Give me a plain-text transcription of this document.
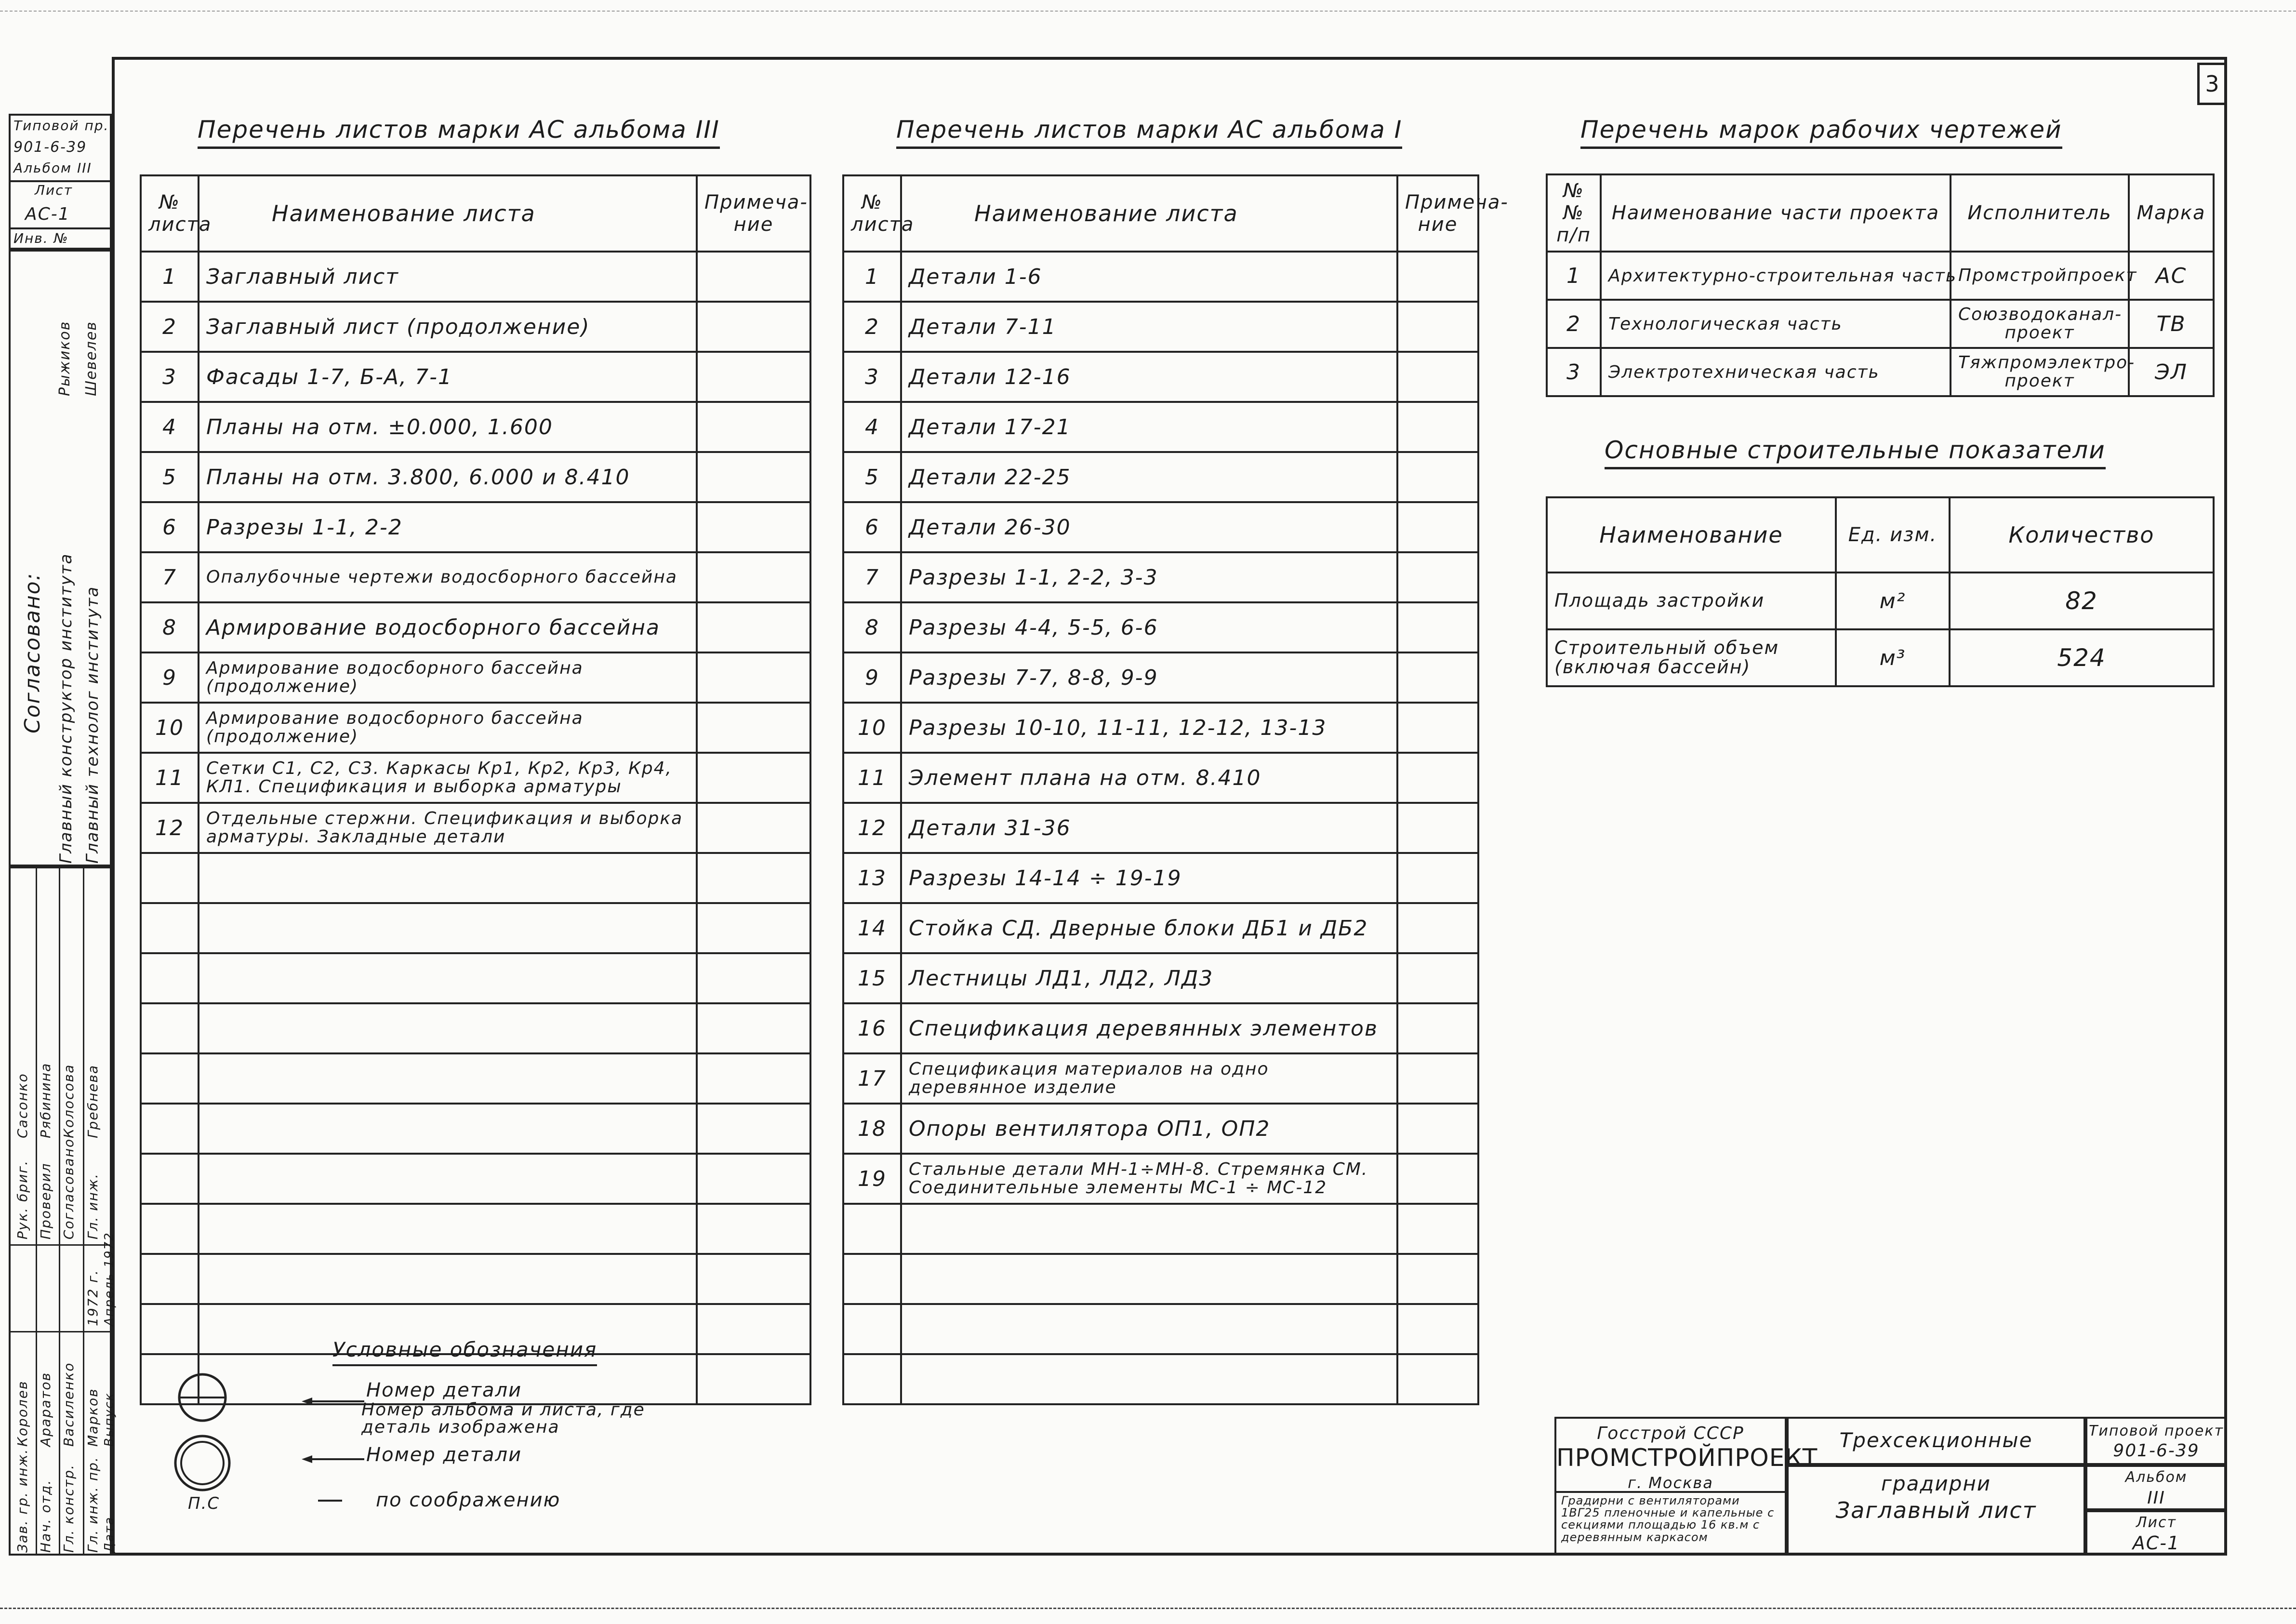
3
Типовой пр.
901-6-39
Альбом III
Лист
АС-1
Инв. №
Согласовано: Главный конструктор института Главный технолог института
Рыжиков Шевелев
Зав. гр. инж.
Королев
Нач. отд.
Араратов
Гл. констр.
Василенко
Гл. инж. пр.
Марков
Дата
Выпуск
Рук. бриг.
Сасонко
Проверил
Рябинина
Согласовано
Колосова
Гл. инж.
Гребнева
1972 г. Апрель 1972
Перечень листов марки АС альбома III
№ листа	Наименование листа	Примеча-ние
1	Заглавный лист	
2	Заглавный лист (продолжение)	
3	Фасады 1-7, Б-А, 7-1	
4	Планы на отм. ±0.000, 1.600	
5	Планы на отм. 3.800, 6.000 и 8.410	
6	Разрезы 1-1, 2-2	
7	Опалубочные чертежи водосборного бассейна	
8	Армирование водосборного бассейна	
9	Армирование водосборного бассейна (продолжение)	
10	Армирование водосборного бассейна (продолжение)	
11	Сетки С1, С2, С3. Каркасы Кр1, Кр2, Кр3, Кр4, КЛ1. Спецификация и выборка арматуры	
12	Отдельные стержни. Спецификация и выборка арматуры. Закладные детали	

Перечень листов марки АС альбома I
№ листа	Наименование листа	Примеча-ние
1	Детали 1-6	
2	Детали 7-11	
3	Детали 12-16	
4	Детали 17-21	
5	Детали 22-25	
6	Детали 26-30	
7	Разрезы 1-1, 2-2, 3-3	
8	Разрезы 4-4, 5-5, 6-6	
9	Разрезы 7-7, 8-8, 9-9	
10	Разрезы 10-10, 11-11, 12-12, 13-13	
11	Элемент плана на отм. 8.410	
12	Детали 31-36	
13	Разрезы 14-14 ÷ 19-19	
14	Стойка СД. Дверные блоки ДБ1 и ДБ2	
15	Лестницы ЛД1, ЛД2, ЛД3	
16	Спецификация деревянных элементов	
17	Спецификация материалов на одно деревянное изделие	
18	Опоры вентилятора ОП1, ОП2	
19	Стальные детали МН-1÷МН-8. Стремянка СМ. Соединительные элементы МС-1 ÷ МС-12	

Перечень марок рабочих чертежей
№№ п/п	Наименование части проекта	Исполнитель	Марка
1	Архитектурно-строительная часть	Промстройпроект	АС
2	Технологическая часть	Союзводоканал-проект	ТВ
3	Электротехническая часть	Тяжпромэлектро-проект	ЭЛ
Основные строительные показатели
Наименование	Ед. изм.	Количество
Площадь застройки	м²	82
Строительный объем (включая бассейн)	м³	524
Условные обозначения
П.С
Номер детали
Номер альбома и листа, где деталь изображена
Номер детали
по соображению
Госстрой СССР
ПРОМСТРОЙПРОЕКТ
г. Москва
Градирни с вентиляторами 1ВГ25 пленочные и капельные с секциями площадью 16 кв.м с деревянным каркасом
Трехсекционные градирни
Заглавный лист
Типовой проект
901-6-39
Альбом
III
Лист
АС-1
